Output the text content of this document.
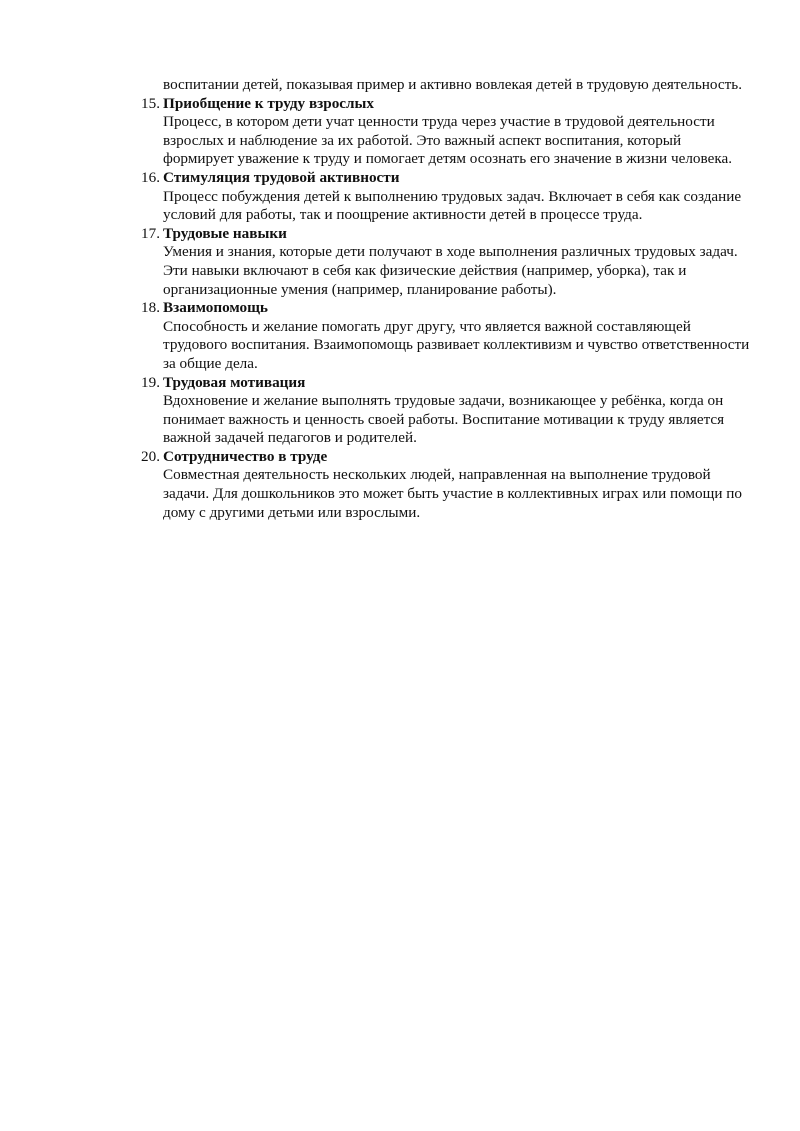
воспитании детей, показывая пример и активно вовлекая детей в трудовую деятельность.

15. Приобщение к труду взрослых
Процесс, в котором дети учат ценности труда через участие в трудовой деятельности взрослых и наблюдение за их работой. Это важный аспект воспитания, который формирует уважение к труду и помогает детям осознать его значение в жизни человека.
16. Стимуляция трудовой активности
Процесс побуждения детей к выполнению трудовых задач. Включает в себя как создание условий для работы, так и поощрение активности детей в процессе труда.
17. Трудовые навыки
Умения и знания, которые дети получают в ходе выполнения различных трудовых задач. Эти навыки включают в себя как физические действия (например, уборка), так и организационные умения (например, планирование работы).
18. Взаимопомощь
Способность и желание помогать друг другу, что является важной составляющей трудового воспитания. Взаимопомощь развивает коллективизм и чувство ответственности за общие дела.
19. Трудовая мотивация
Вдохновение и желание выполнять трудовые задачи, возникающее у ребёнка, когда он понимает важность и ценность своей работы. Воспитание мотивации к труду является важной задачей педагогов и родителей.
20. Сотрудничество в труде
Совместная деятельность нескольких людей, направленная на выполнение трудовой задачи. Для дошкольников это может быть участие в коллективных играх или помощи по дому с другими детьми или взрослыми.
